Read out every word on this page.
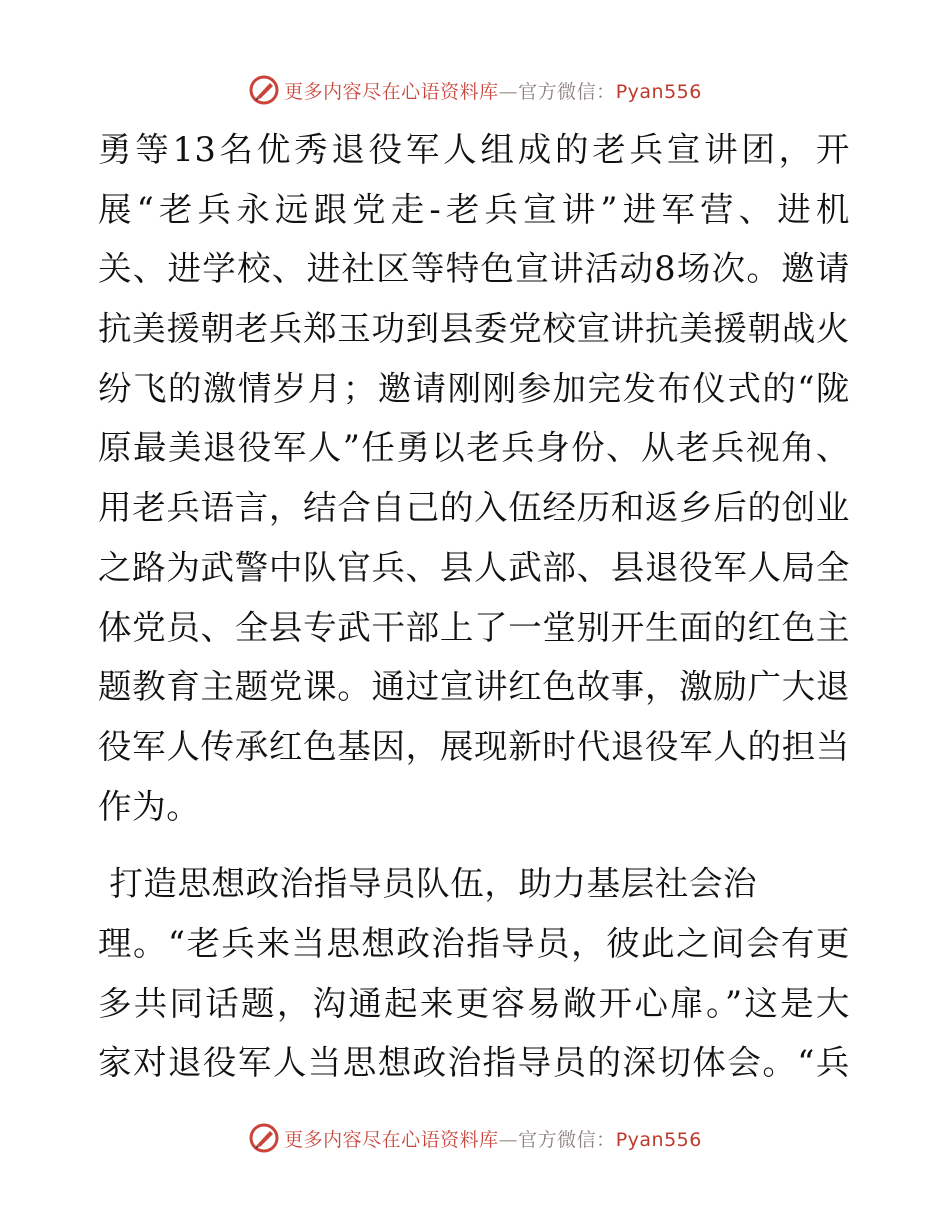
更多内容尽在心语资料库—官方微信：Pyan556
勇等13名优秀退役军人组成的老兵宣讲团，开
展“老兵永远跟党走-老兵宣讲”进军营、进机
关、进学校、进社区等特色宣讲活动8场次。邀请
抗美援朝老兵郑玉功到县委党校宣讲抗美援朝战火
纷飞的激情岁月；邀请刚刚参加完发布仪式的“陇
原最美退役军人”任勇以老兵身份、从老兵视角、
用老兵语言，结合自己的入伍经历和返乡后的创业
之路为武警中队官兵、县人武部、县退役军人局全
体党员、全县专武干部上了一堂别开生面的红色主
题教育主题党课。通过宣讲红色故事，激励广大退
役军人传承红色基因，展现新时代退役军人的担当
作为。
打造思想政治指导员队伍，助力基层社会治
理。“老兵来当思想政治指导员，彼此之间会有更
多共同话题，沟通起来更容易敞开心扉。”这是大
家对退役军人当思想政治指导员的深切体会。“兵
更多内容尽在心语资料库—官方微信：Pyan556
